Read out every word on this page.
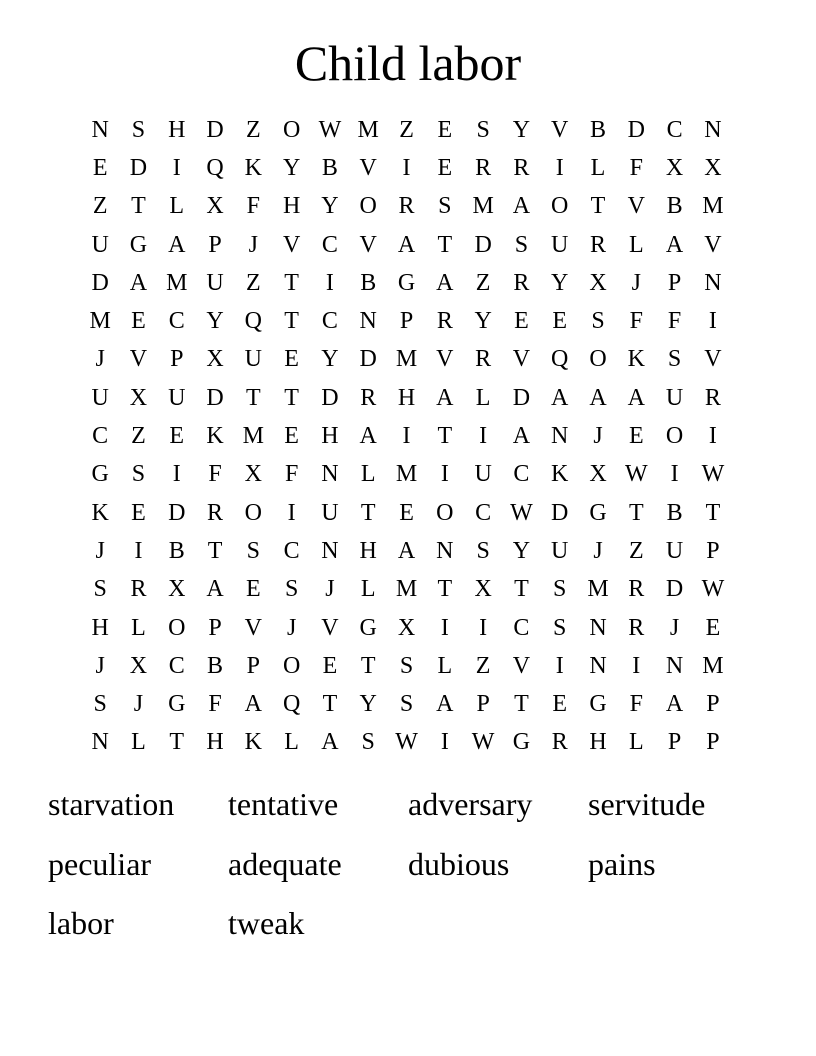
Child labor
N S H D Z O W M Z E	S Y V B D C N
E D	I	Q K Y B V	I	E R R	I	L	F X X
Z T L X F H Y O R S M A O T V B M
U G A P	J	V C V A T D S U R L A V
D A M U Z T	I	B G A Z R Y X	J	P N
M E C Y Q T C N P R Y E E	S	F	F	I
J	V P X U E Y D M V R V Q O K S V
U X U D T T D R H A L D A A A U R
C Z E K M E H A	I	T	I	A N	J	E O	I
G S	I	F X F N L M I	U C K X W I W
K E D R O	I	U T E O C W D G T B T
J	I	B T	S C N H A N S Y U	J	Z U P
S R X A E	S	J	L M T X T	S M R D W
H L O P V	J	V G X	I	I	C S N R	J	E
J	X C B P O E T	S	L Z V	I	N	I	N M
S	J	G F A Q T Y S A P	T E G F A P
N L T H K L A S W I W G R H L	P	P
starvation	tentative	adversary	servitude
peculiar	adequate	dubious	pains
labor	tweak
